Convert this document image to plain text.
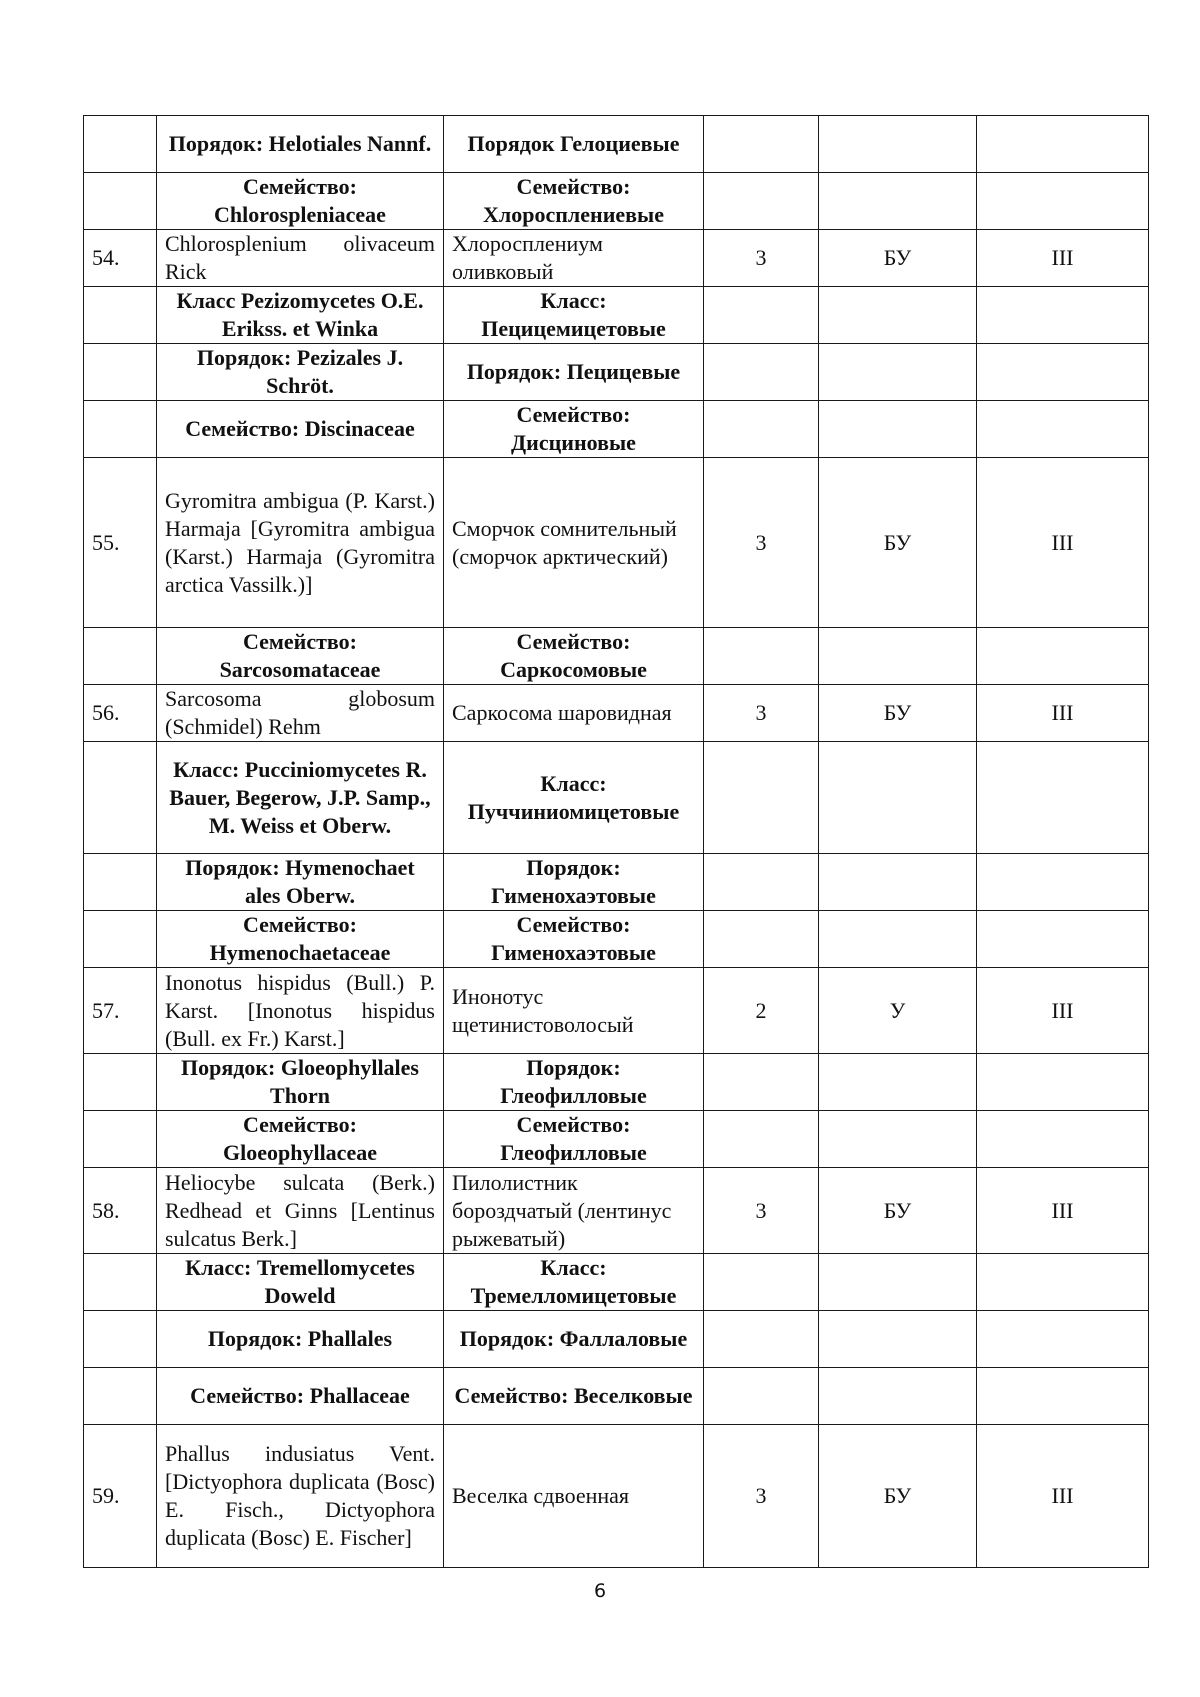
	Порядок: Helotiales Nannf.	Порядок Гелоциевые			
	Семейство: Chlorospleniaceae	Семейство: Хлоросплениевые			
54.	Chlorosplenium olivaceum Rick	Хлоросплениум оливковый	3	БУ	III
	Класс Pezizomycetes O.E. Erikss. et Winka	Класс: Пецицемицетовые			
	Порядок: Pezizales J. Schröt.	Порядок: Пецицевые			
	Семейство: Discinaceae	Семейство: Дисциновые			
55.	Gyromitra ambigua (P. Karst.) Harmaja [Gyromitra ambigua (Karst.) Harmaja (Gyromitra arctica Vassilk.)]	Сморчок сомнительный (сморчок арктический)	3	БУ	III
	Семейство: Sarcosomataceae	Семейство: Саркосомовые			
56.	Sarcosoma globosum (Schmidel) Rehm	Саркосома шаровидная	3	БУ	III
	Класс: Pucciniomycetes R. Bauer, Begerow, J.P. Samp., M. Weiss et Oberw.	Класс: Пуччиниомицетовые			
	Порядок: Hymenochaet ales Oberw.	Порядок: Гименохаэтовые			
	Семейство: Hymenochaetaceae	Семейство: Гименохаэтовые			
57.	Inonotus hispidus (Bull.) P. Karst. [Inonotus hispidus (Bull. ex Fr.) Karst.]	Инонотус щетинистоволосый	2	У	III
	Порядок: Gloeophyllales Thorn	Порядок: Глеофилловые			
	Семейство: Gloeophyllaceae	Семейство: Глеофилловые			
58.	Heliocybe sulcata (Berk.) Redhead et Ginns [Lentinus sulcatus Berk.]	Пилолистник бороздчатый (лентинус рыжеватый)	3	БУ	III
	Класс: Tremellomycetes Doweld	Класс: Тремелломицетовые			
	Порядок: Phallales	Порядок: Фаллаловые			
	Семейство: Phallaceae	Семейство: Веселковые			
59.	Phallus indusiatus Vent. [Dictyophora duplicata (Bosc) E. Fisch., Dictyophora duplicata (Bosc) E. Fischer]	Веселка сдвоенная	3	БУ	III
6
